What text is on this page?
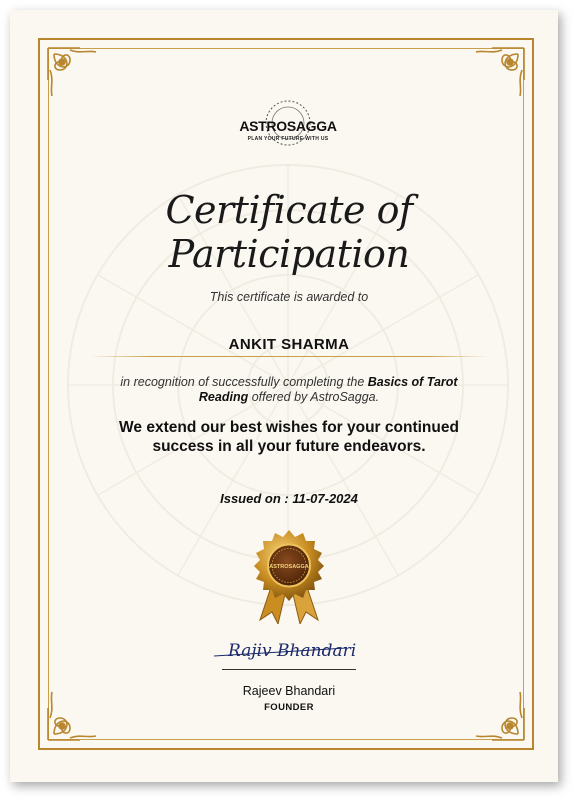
ASTROSAGGA
PLAN YOUR FUTURE WITH US
Certificate of Participation
This certificate is awarded to
ANKIT SHARMA
in recognition of successfully completing the Basics of Tarot Reading offered by AstroSagga.
We extend our best wishes for your continued success in all your future endeavors.
Issued on : 11-07-2024
ASTROSAGGA
Rajiv Bhandari
Rajeev Bhandari
FOUNDER
